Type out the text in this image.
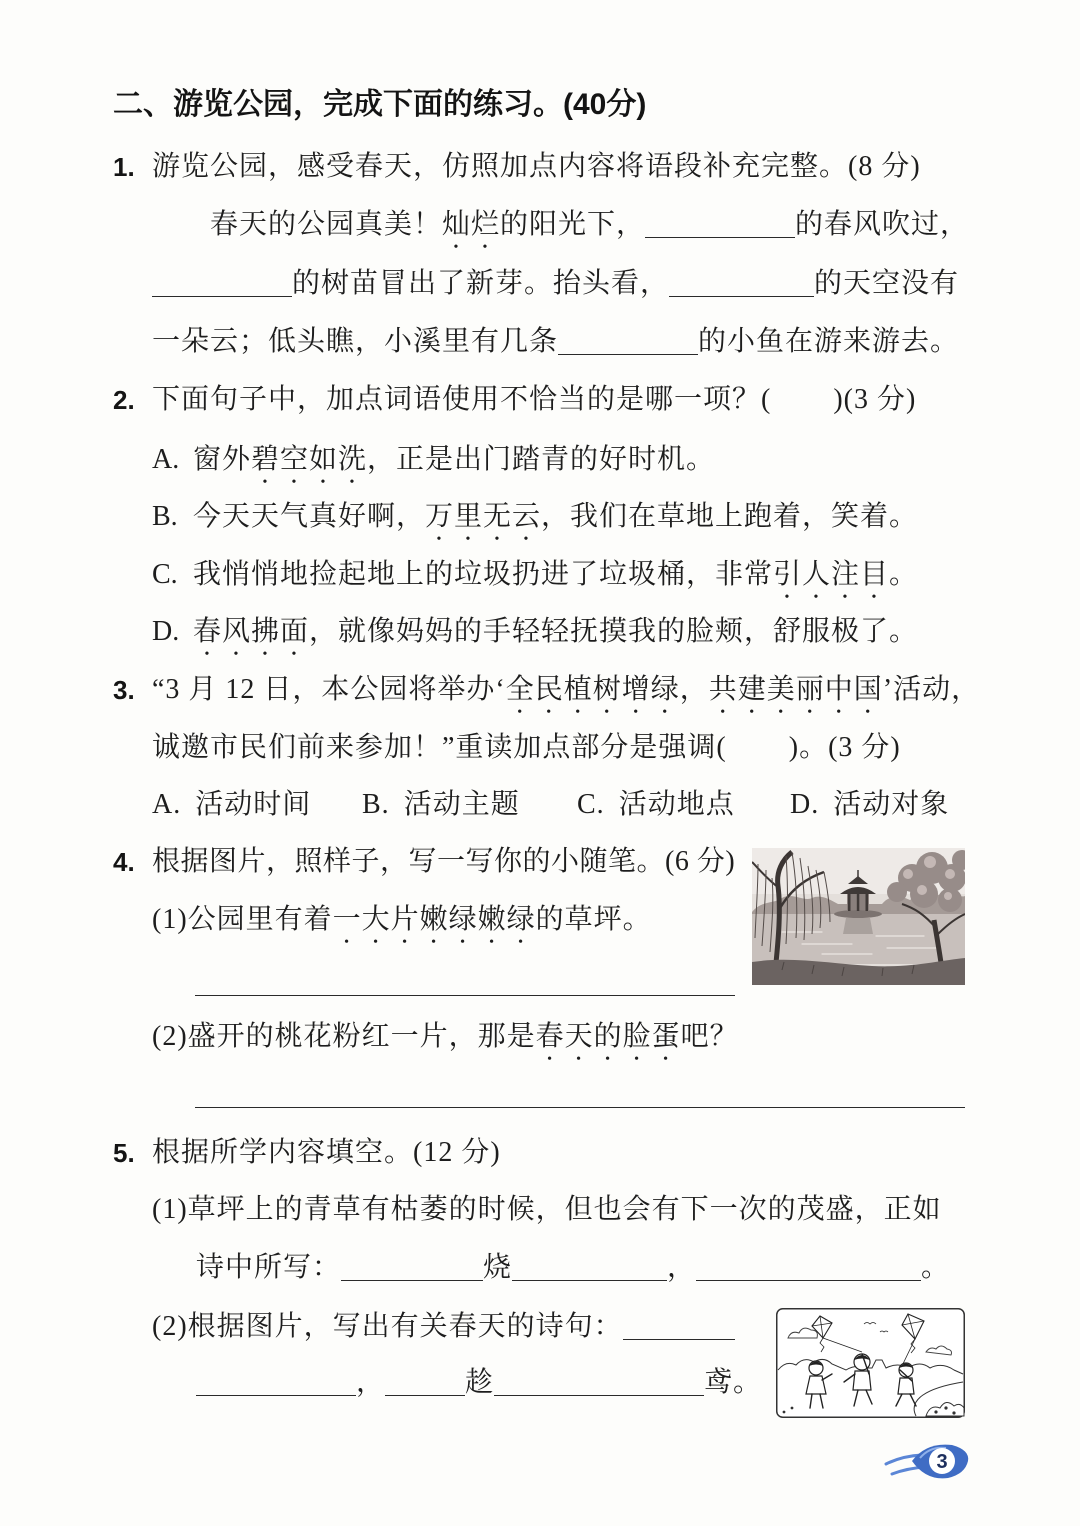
二、游览公园，完成下面的练习。(40分)
1. 游览公园，感受春天，仿照加点内容将语段补充完整。(8 分)
春天的公园真美！ 灿烂 的阳光下，	的春风吹过，
的树苗冒出了新芽。抬头看，	的天空没有
一朵云；低头瞧，小溪里有几条	的小鱼在游来游去。
2. 下面句子中，加点词语使用不恰当的是哪一项？( )(3 分)
A. 窗外 碧空如洗 ，正是出门踏青的好时机。
B. 今天天气真好啊， 万里无云 ，我们在草地上跑着，笑着。
C. 我悄悄地捡起地上的垃圾扔进了垃圾桶，非常 引人注目 。
D. 春风拂面 ，就像妈妈的手轻轻抚摸我的脸颊，舒服极了。
3. “3 月 12 日，本公园将举办‘ 全民植树增绿 ， 共建美丽中国 ’活动，
诚邀市民们前来参加！”重读加点部分是强调( )。(3 分)
A. 活动时间 B. 活动主题 C. 活动地点 D. 活动对象
4. 根据图片，照样子，写一写你的小随笔。(6 分)
(1)公园里有着 一大片嫩绿嫩绿 的草坪。
(2)盛开的桃花粉红一片，那是 春天的脸蛋 吧？
5. 根据所学内容填空。(12 分)
(1)草坪上的青草有枯萎的时候，但也会有下一次的茂盛，正如
诗中所写：	烧	，	。
(2)根据图片，写出有关春天的诗句：
，	趁	鸢。
3
